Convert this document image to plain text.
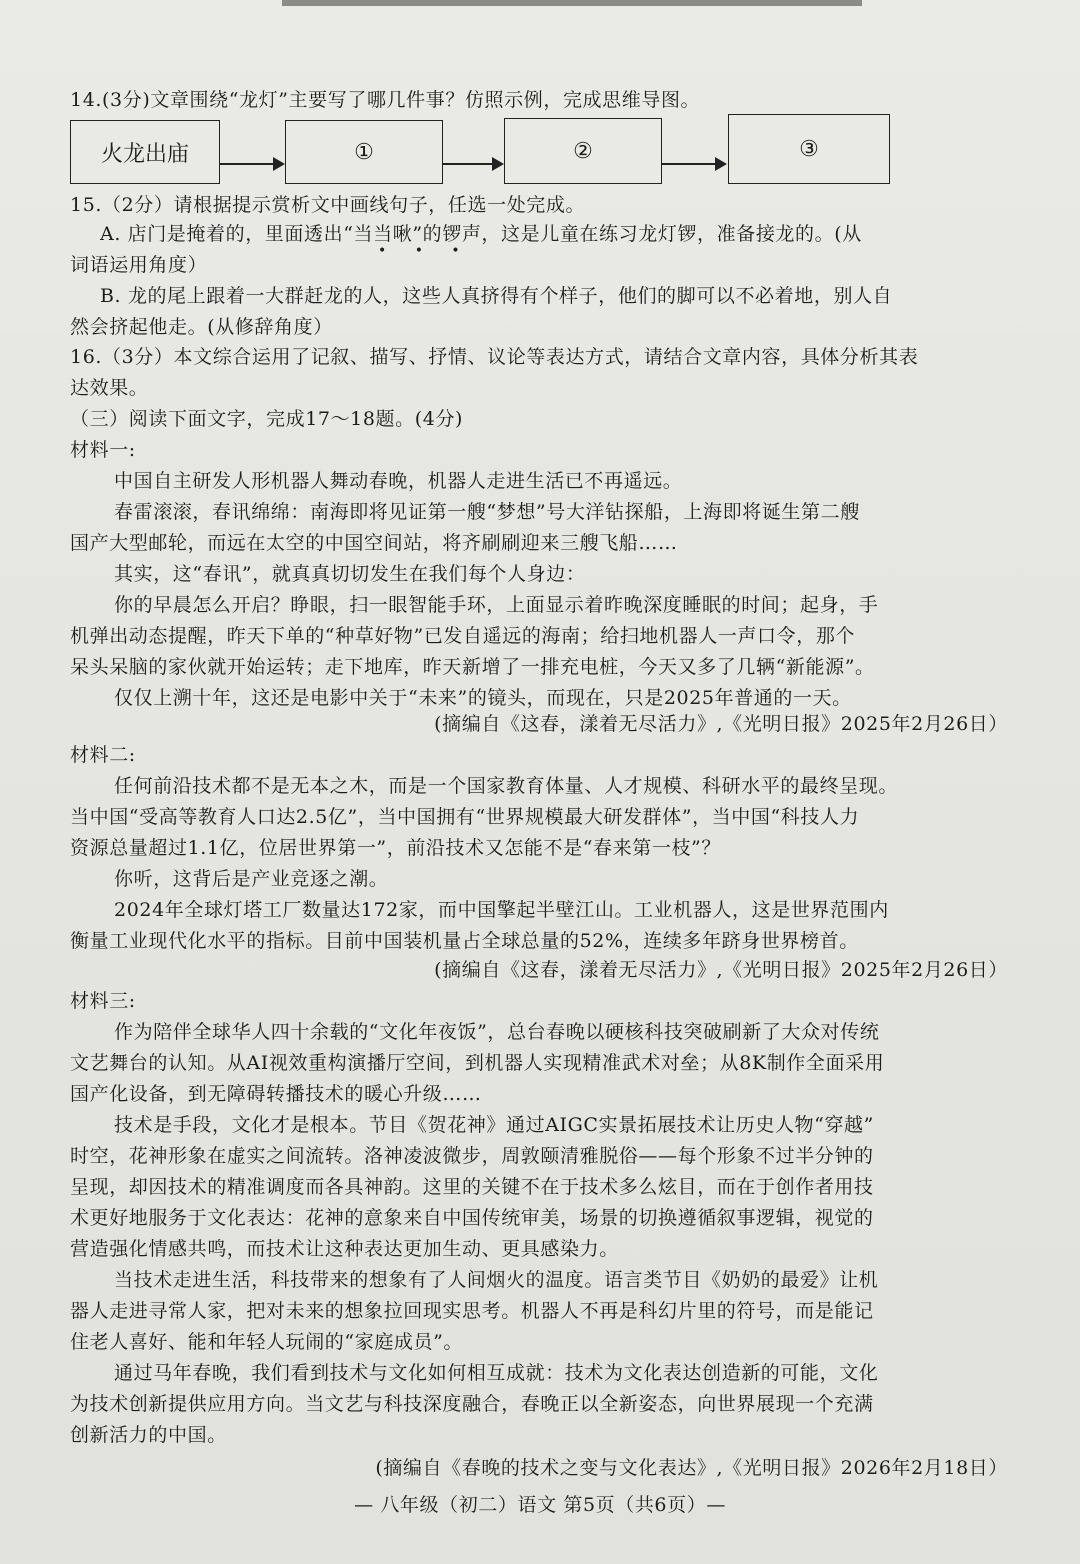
14.(3分)文章围绕“龙灯”主要写了哪几件事？仿照示例，完成思维导图。
火龙出庙	①	②	③
15.（2分）请根据提示赏析文中画线句子，任选一处完成。
A. 店门是掩着的，里面透出“当当啾”的锣声，这是儿童在练习龙灯锣，准备接龙的。(从
• • •
词语运用角度）
B. 龙的尾上跟着一大群赶龙的人，这些人真挤得有个样子，他们的脚可以不必着地，别人自
然会挤起他走。(从修辞角度）
16.（3分）本文综合运用了记叙、描写、抒情、议论等表达方式，请结合文章内容，具体分析其表
达效果。
（三）阅读下面文字，完成17～18题。(4分)
材料一:
中国自主研发人形机器人舞动春晚，机器人走进生活已不再遥远。
春雷滚滚，春讯绵绵：南海即将见证第一艘“梦想”号大洋钻探船，上海即将诞生第二艘
国产大型邮轮，而远在太空的中国空间站，将齐刷刷迎来三艘飞船……
其实，这“春讯”，就真真切切发生在我们每个人身边：
你的早晨怎么开启？睁眼，扫一眼智能手环，上面显示着昨晚深度睡眠的时间；起身，手
机弹出动态提醒，昨天下单的“种草好物”已发自遥远的海南；给扫地机器人一声口令，那个
呆头呆脑的家伙就开始运转；走下地库，昨天新增了一排充电桩，今天又多了几辆“新能源”。
仅仅上溯十年，这还是电影中关于“未来”的镜头，而现在，只是2025年普通的一天。
(摘编自《这春，漾着无尽活力》,《光明日报》2025年2月26日）
材料二:
任何前沿技术都不是无本之木，而是一个国家教育体量、人才规模、科研水平的最终呈现。
当中国“受高等教育人口达2.5亿”，当中国拥有“世界规模最大研发群体”，当中国“科技人力
资源总量超过1.1亿，位居世界第一”，前沿技术又怎能不是“春来第一枝”？
你听，这背后是产业竞逐之潮。
2024年全球灯塔工厂数量达172家，而中国擎起半壁江山。工业机器人，这是世界范围内
衡量工业现代化水平的指标。目前中国装机量占全球总量的52%，连续多年跻身世界榜首。
(摘编自《这春，漾着无尽活力》,《光明日报》2025年2月26日）
材料三:
作为陪伴全球华人四十余载的“文化年夜饭”，总台春晚以硬核科技突破刷新了大众对传统
文艺舞台的认知。从AI视效重构演播厅空间，到机器人实现精准武术对垒；从8K制作全面采用
国产化设备，到无障碍转播技术的暖心升级……
技术是手段，文化才是根本。节目《贺花神》通过AIGC实景拓展技术让历史人物“穿越”
时空，花神形象在虚实之间流转。洛神凌波微步，周敦颐清雅脱俗——每个形象不过半分钟的
呈现，却因技术的精准调度而各具神韵。这里的关键不在于技术多么炫目，而在于创作者用技
术更好地服务于文化表达：花神的意象来自中国传统审美，场景的切换遵循叙事逻辑，视觉的
营造强化情感共鸣，而技术让这种表达更加生动、更具感染力。
当技术走进生活，科技带来的想象有了人间烟火的温度。语言类节目《奶奶的最爱》让机
器人走进寻常人家，把对未来的想象拉回现实思考。机器人不再是科幻片里的符号，而是能记
住老人喜好、能和年轻人玩闹的“家庭成员”。
通过马年春晚，我们看到技术与文化如何相互成就：技术为文化表达创造新的可能，文化
为技术创新提供应用方向。当文艺与科技深度融合，春晚正以全新姿态，向世界展现一个充满
创新活力的中国。
(摘编自《春晚的技术之变与文化表达》,《光明日报》2026年2月18日）
— 八年级（初二）语文 第5页（共6页）—
